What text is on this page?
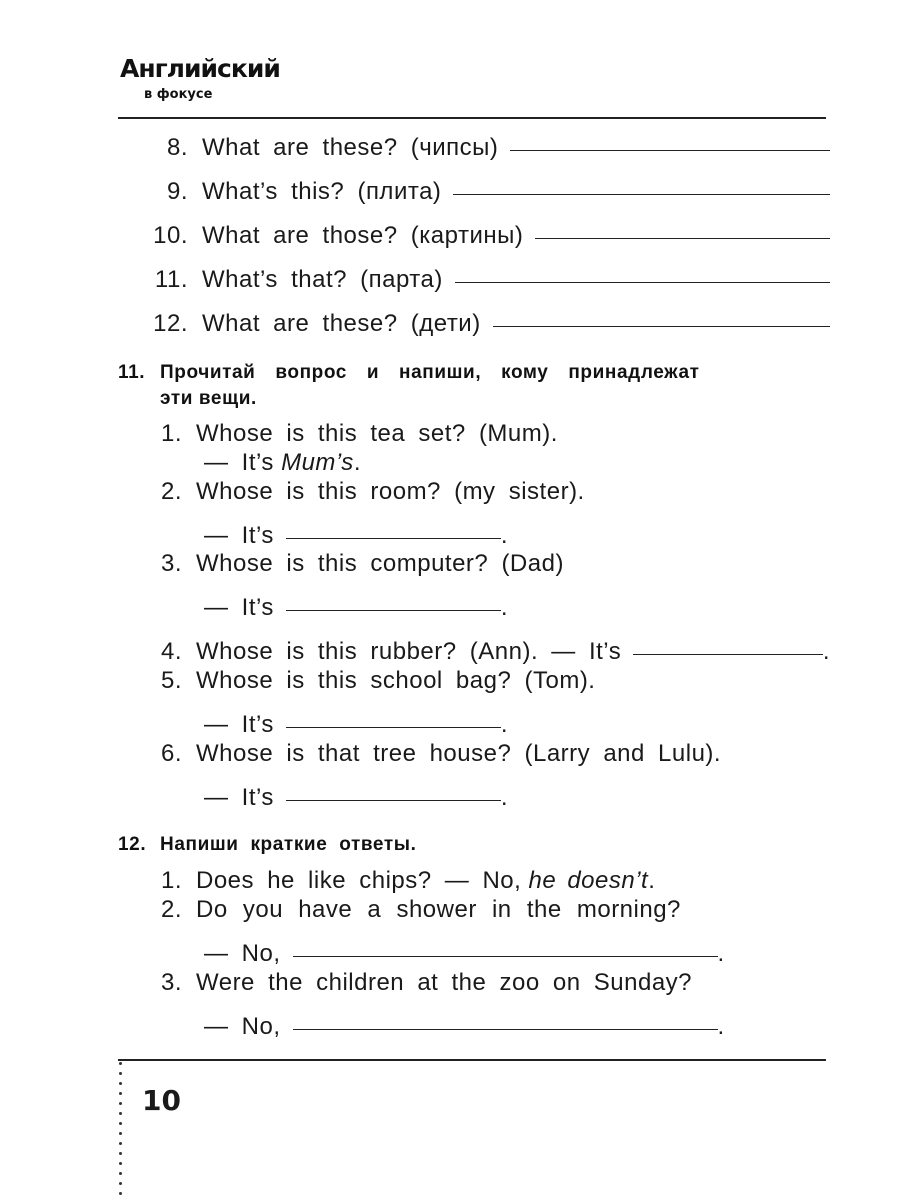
Английский
в фокусе
8. What are these? (чипсы)
9. What’s this? (плита)
10. What are those? (картины)
11. What’s that? (парта)
12. What are these? (дети)
11. Прочитай вопрос и напиши, кому принадлежат
эти вещи.
1. Whose is this tea set? (Mum).
— It’s
Mum’s .
2. Whose is this room? (my sister).
— It’s	.
3. Whose is this computer? (Dad)
— It’s	.
4. Whose is this rubber? (Ann). — It’s	.
5. Whose is this school bag? (Tom).
— It’s	.
6. Whose is that tree house? (Larry and Lulu).
— It’s	.
12. Напиши краткие ответы.
1. Does he like chips? — No,
he doesn’t .
2. Do you have a shower in the morning?
— No,	.
3. Were the children at the zoo on Sunday?
— No,	.
10
